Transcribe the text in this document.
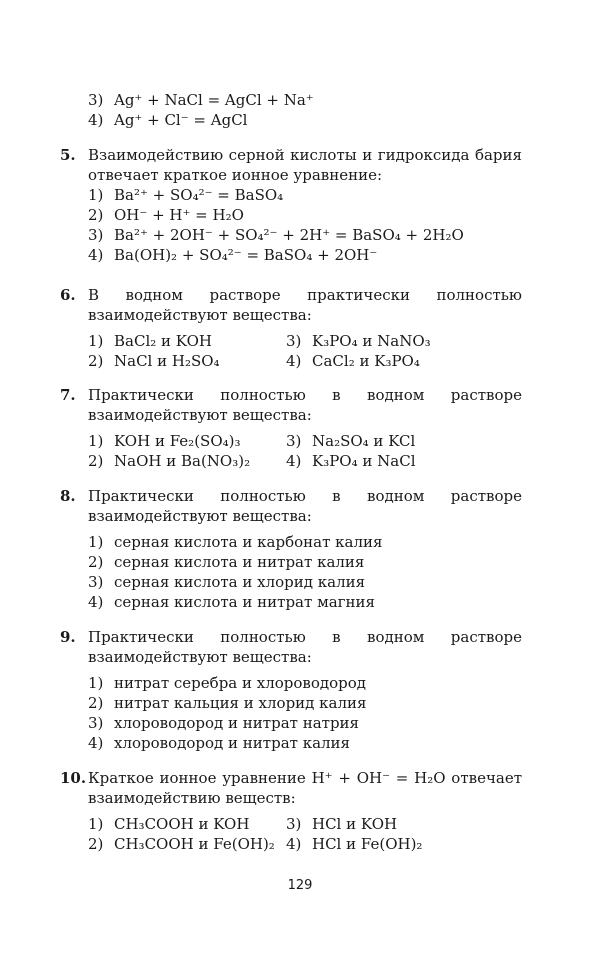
3) Ag⁺ + NaCl = AgCl + Na⁺
4) Ag⁺ + Cl⁻ = AgCl
5. Взаимодействию серной кислоты и гидроксида бария отвечает краткое ионное уравнение:
1) Ba²⁺ + SO₄²⁻ = BaSO₄
2) OH⁻ + H⁺ = H₂O
3) Ba²⁺ + 2OH⁻ + SO₄²⁻ + 2H⁺ = BaSO₄ + 2H₂O
4) Ba(OH)₂ + SO₄²⁻ = BaSO₄ + 2OH⁻
6. В водном растворе практически полностью взаимодействуют вещества:
1) BaCl₂ и KOH	3) K₃PO₄ и NaNO₃
2) NaCl и H₂SO₄	4) CaCl₂ и K₃PO₄
7. Практически полностью в водном растворе взаимодействуют вещества:
1) KOH и Fe₂(SO₄)₃	3) Na₂SO₄ и KCl
2) NaOH и Ba(NO₃)₂ 4) K₃PO₄ и NaCl
8. Практически полностью в водном растворе взаимодействуют вещества:
1) серная кислота и карбонат калия
2) серная кислота и нитрат калия
3) серная кислота и хлорид калия
4) серная кислота и нитрат магния
9. Практически полностью в водном растворе взаимодействуют вещества:
1) нитрат серебра и хлороводород
2) нитрат кальция и хлорид калия
3) хлороводород и нитрат натрия
4) хлороводород и нитрат калия
10. Краткое ионное уравнение H⁺ + OH⁻ = H₂O отвечает взаимодействию веществ:
1) CH₃COOH и KOH 3) HCl и KOH
2) CH₃COOH и Fe(OH)₂ 4) HCl и Fe(OH)₂
129
